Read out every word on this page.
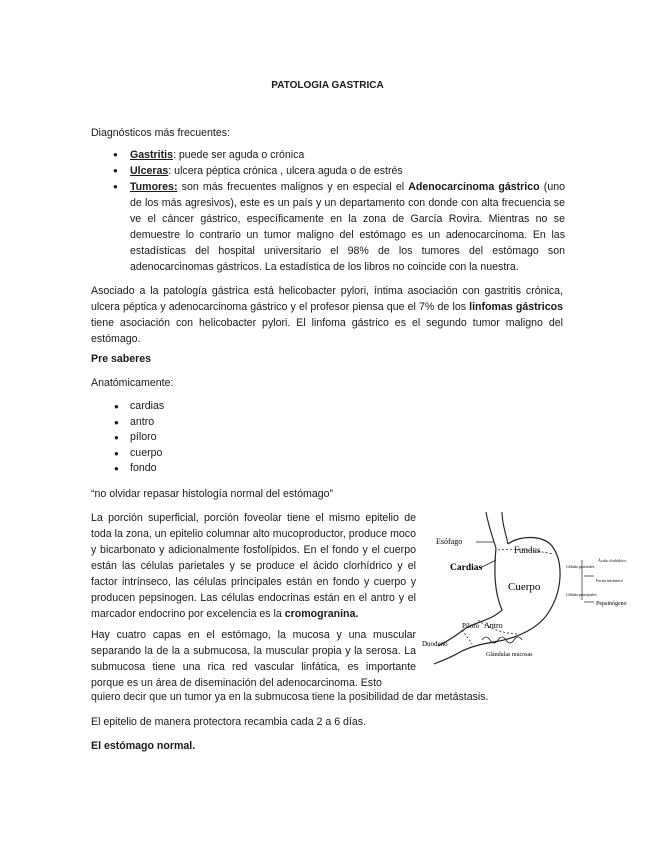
PATOLOGIA GASTRICA

Diagnósticos más frecuentes:

● Gastritis: puede ser aguda o crónica
● Ulceras: ulcera péptica crónica , ulcera aguda o de estrés
● Tumores: son más frecuentes malignos y en especial el Adenocarcinoma gástrico (uno de los más agresivos), este es un país y un departamento con donde con alta frecuencia se ve el cáncer gástrico, específicamente en la zona de García Rovira. Mientras no se demuestre lo contrario un tumor maligno del estómago es un adenocarcinoma. En las estadísticas del hospital universitario el 98% de los tumores del estómago son adenocarcinomas gástricos. La estadística de los libros no coincide con la nuestra.

Asociado a la patología gástrica está helicobacter pylori, íntima asociación con gastritis crónica, ulcera péptica y adenocarcinoma gástrico y el profesor piensa que el 7% de los linfomas gástricos tiene asociación con helicobacter pylori. El linfoma gástrico es el segundo tumor maligno del estómago.

Pre saberes

Anatómicamente:

● cardias
● antro
● píloro
● cuerpo
● fondo

“no olvidar repasar histología normal del estómago”

La porción superficial, porción foveolar tiene el mismo epitelio de toda la zona, un epitelio columnar alto mucoproductor, produce moco y bicarbonato y adicionalmente fosfolípidos. En el fondo y el cuerpo están las células parietales y se produce el ácido clorhídrico y el factor intrínseco, las células principales están en fondo y cuerpo y producen pepsinogen. Las células endocrinas están en el antro y el marcador endocrino por excelencia es la cromogranina.

Hay cuatro capas en el estómago, la mucosa y una muscular separando la de la a submucosa, la muscular propia y la serosa. La submucosa tiene una rica red vascular linfática, es importante porque es un área de diseminación del adenocarcinoma. Esto

quiero decir que un tumor ya en la submucosa tiene la posibilidad de dar metástasis.

El epitelio de manera protectora recambia cada 2 a 6 días.

El estómago normal.

Esófago
Fundus
Cardias
Cuerpo
Píloro Antro
Duodeno
Glándulas mucosas
Ácido clorhídrico
Células parietales
Factor intrínseco
Células principales
Pepsinógeno
